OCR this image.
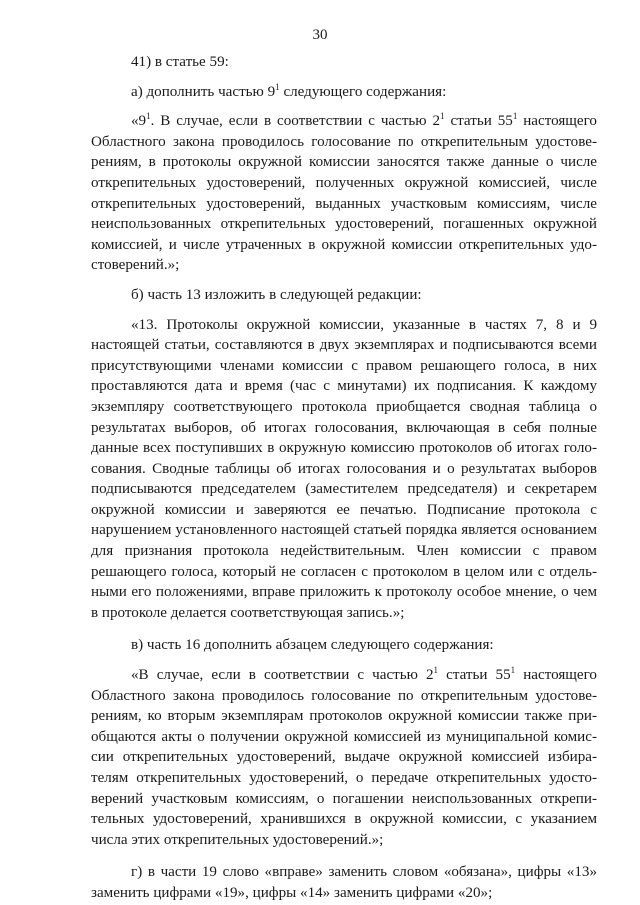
30

41) в статье 59:

а) дополнить частью $9^1$ следующего содержания:

«$9^1$. В случае, если в соответствии с частью $2^1$ статьи $55^1$ настоящего Областного закона проводилось голосование по открепительным удостоверениям, в протоколы окружной комиссии заносятся также данные о числе открепительных удостоверений, полученных окружной комиссией, числе открепительных удостоверений, выданных участковым комиссиям, числе неиспользованных открепительных удостоверений, погашенных окружной комиссией, и числе утраченных в окружной комиссии открепительных удостоверений.»;

б) часть 13 изложить в следующей редакции:

«13. Протоколы окружной комиссии, указанные в частях 7, 8 и 9 настоящей статьи, составляются в двух экземплярах и подписываются всеми присутствующими членами комиссии с правом решающего голоса, в них проставляются дата и время (час с минутами) их подписания. К каждому экземпляру соответствующего протокола приобщается сводная таблица о результатах выборов, об итогах голосования, включающая в себя полные данные всех поступивших в окружную комиссию протоколов об итогах голосования. Сводные таблицы об итогах голосования и о результатах выборов подписываются председателем (заместителем председателя) и секретарем окружной комиссии и заверяются ее печатью. Подписание протокола с нарушением установленного настоящей статьей порядка является основанием для признания протокола недействительным. Член комиссии с правом решающего голоса, который не согласен с протоколом в целом или с отдельными его положениями, вправе приложить к протоколу особое мнение, о чем в протоколе делается соответствующая запись.»;

в) часть 16 дополнить абзацем следующего содержания:

«В случае, если в соответствии с частью $2^1$ статьи $55^1$ настоящего Областного закона проводилось голосование по открепительным удостоверениям, ко вторым экземплярам протоколов окружной комиссии также приобщаются акты о получении окружной комиссией из муниципальной комиссии открепительных удостоверений, выдаче окружной комиссией избирателям открепительных удостоверений, о передаче открепительных удостоверений участковым комиссиям, о погашении неиспользованных открепительных удостоверений, хранившихся в окружной комиссии, с указанием числа этих открепительных удостоверений.»;

г) в части 19 слово «вправе» заменить словом «обязана», цифры «13» заменить цифрами «19», цифры «14» заменить цифрами «20»;
